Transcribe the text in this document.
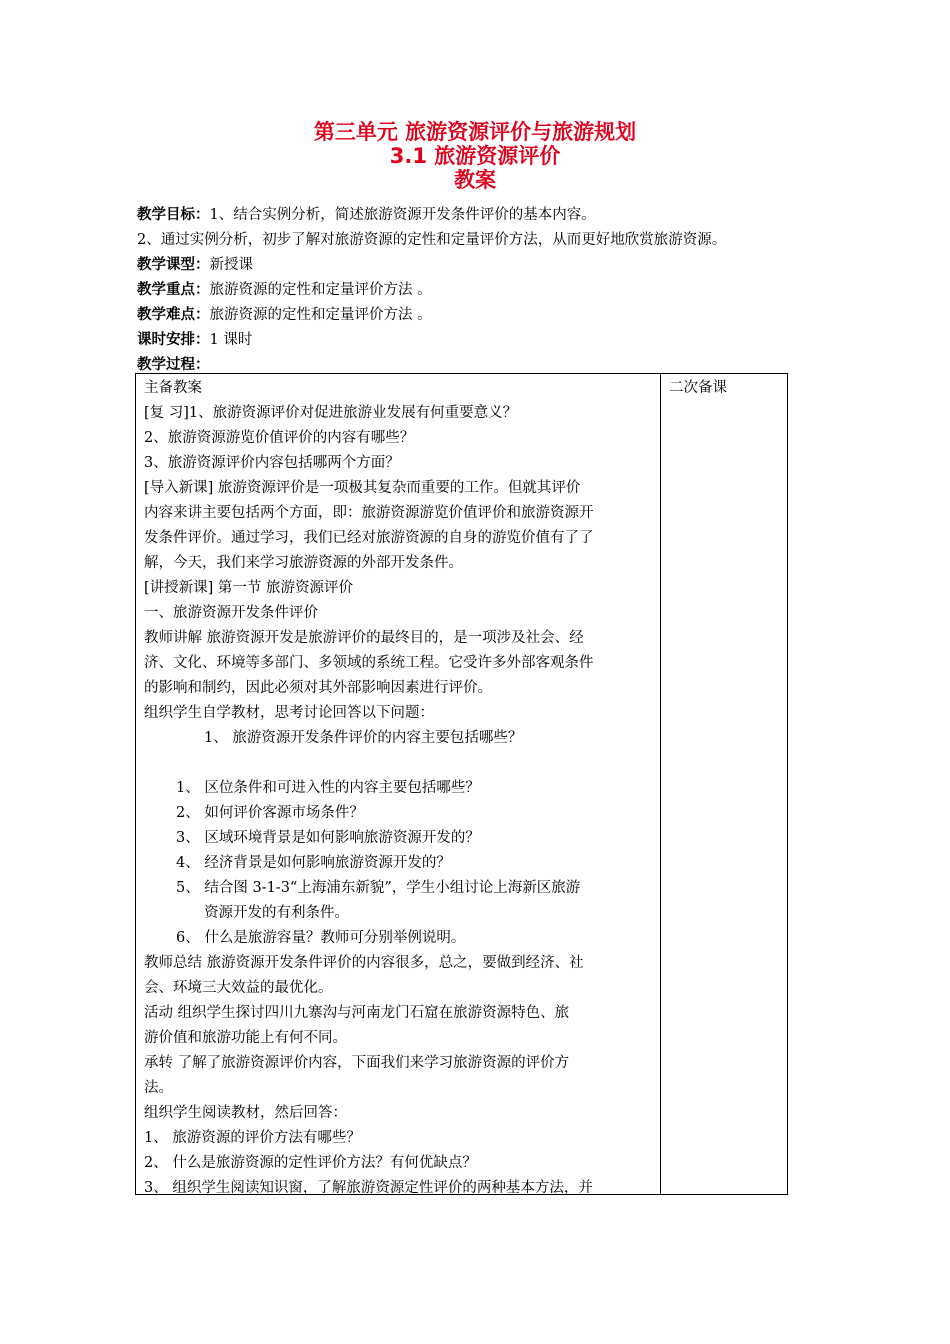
第三单元 旅游资源评价与旅游规划
3.1 旅游资源评价
教案
教学目标：1、结合实例分析，简述旅游资源开发条件评价的基本内容。
2、通过实例分析，初步了解对旅游资源的定性和定量评价方法，从而更好地欣赏旅游资源。
教学课型：新授课
教学重点：旅游资源的定性和定量评价方法 。
教学难点：旅游资源的定性和定量评价方法 。
课时安排：1 课时
教学过程：
主备教案
[复 习]1、旅游资源评价对促进旅游业发展有何重要意义？
2、旅游资源游览价值评价的内容有哪些？
3、旅游资源评价内容包括哪两个方面？
[导入新课] 旅游资源评价是一项极其复杂而重要的工作。但就其评价
内容来讲主要包括两个方面，即：旅游资源游览价值评价和旅游资源开
发条件评价。通过学习，我们已经对旅游资源的自身的游览价值有了了
解，今天，我们来学习旅游资源的外部开发条件。
[讲授新课] 第一节 旅游资源评价
一、旅游资源开发条件评价
教师讲解 旅游资源开发是旅游评价的最终目的，是一项涉及社会、经
济、文化、环境等多部门、多领域的系统工程。它受许多外部客观条件
的影响和制约，因此必须对其外部影响因素进行评价。
组织学生自学教材，思考讨论回答以下问题：
1、 旅游资源开发条件评价的内容主要包括哪些？
1、 区位条件和可进入性的内容主要包括哪些？
2、 如何评价客源市场条件？
3、 区域环境背景是如何影响旅游资源开发的？
4、 经济背景是如何影响旅游资源开发的？
5、 结合图 3-1-3“上海浦东新貌”，学生小组讨论上海新区旅游
资源开发的有利条件。
6、 什么是旅游容量？教师可分别举例说明。
教师总结 旅游资源开发条件评价的内容很多，总之，要做到经济、社
会、环境三大效益的最优化。
活动 组织学生探讨四川九寨沟与河南龙门石窟在旅游资源特色、旅
游价值和旅游功能上有何不同。
承转 了解了旅游资源评价内容，下面我们来学习旅游资源的评价方
法。
组织学生阅读教材，然后回答：
1、 旅游资源的评价方法有哪些？
2、 什么是旅游资源的定性评价方法？有何优缺点？
3、 组织学生阅读知识窗，了解旅游资源定性评价的两种基本方法，并
二次备课
